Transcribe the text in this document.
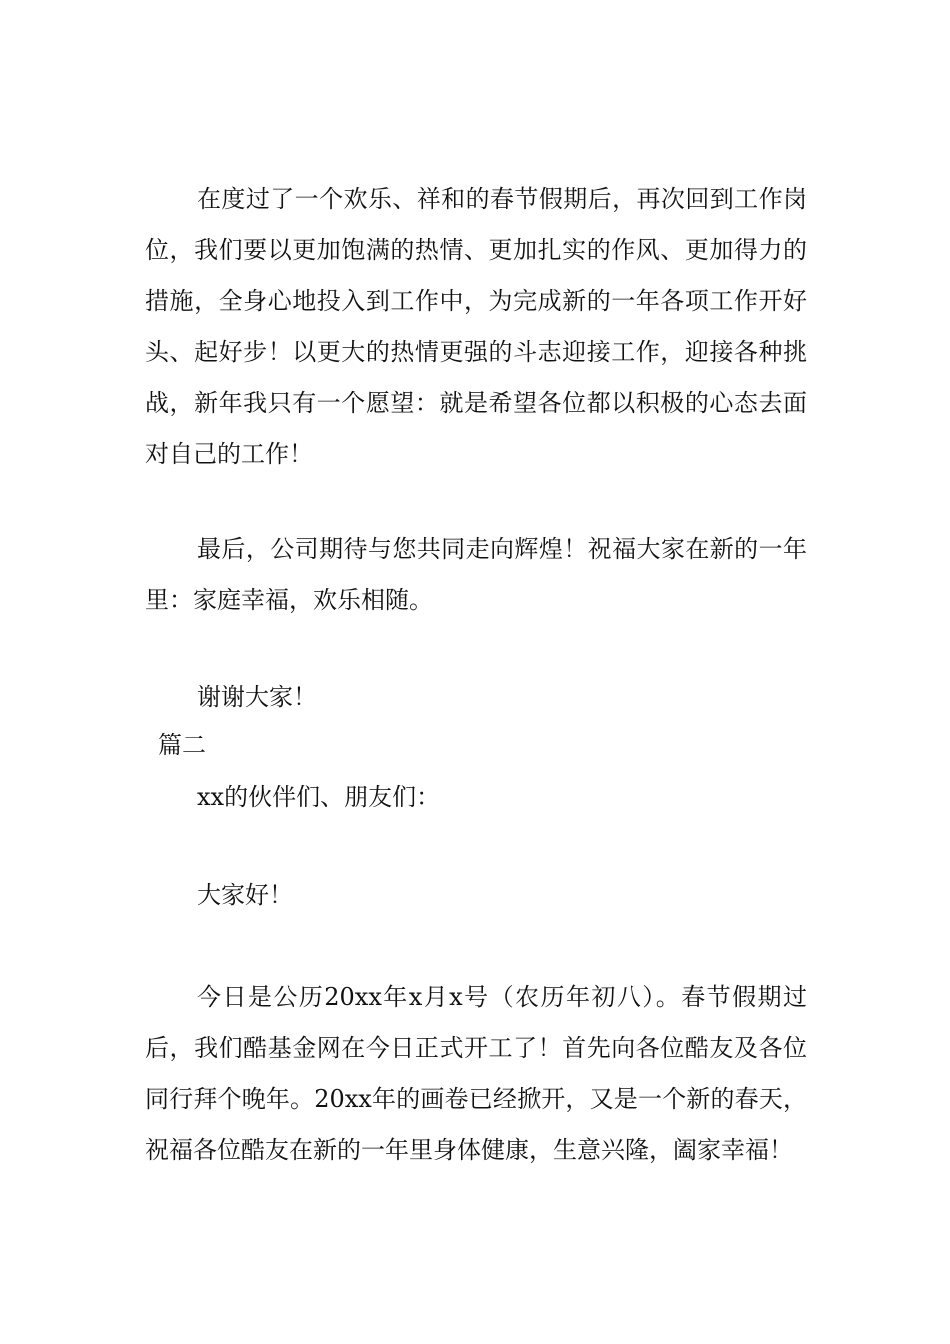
在度过了一个欢乐、祥和的春节假期后，再次回到工作岗位，我们要以更加饱满的热情、更加扎实的作风、更加得力的措施，全身心地投入到工作中，为完成新的一年各项工作开好头、起好步！以更大的热情更强的斗志迎接工作，迎接各种挑战，新年我只有一个愿望：就是希望各位都以积极的心态去面对自己的工作！

最后，公司期待与您共同走向辉煌！祝福大家在新的一年里：家庭幸福，欢乐相随。

谢谢大家！

篇二

xx的伙伴们、朋友们：

大家好！

今日是公历20xx年x月x号（农历年初八）。春节假期过后，我们酷基金网在今日正式开工了！首先向各位酷友及各位同行拜个晚年。20xx年的画卷已经掀开，又是一个新的春天，祝福各位酷友在新的一年里身体健康，生意兴隆，阖家幸福！
